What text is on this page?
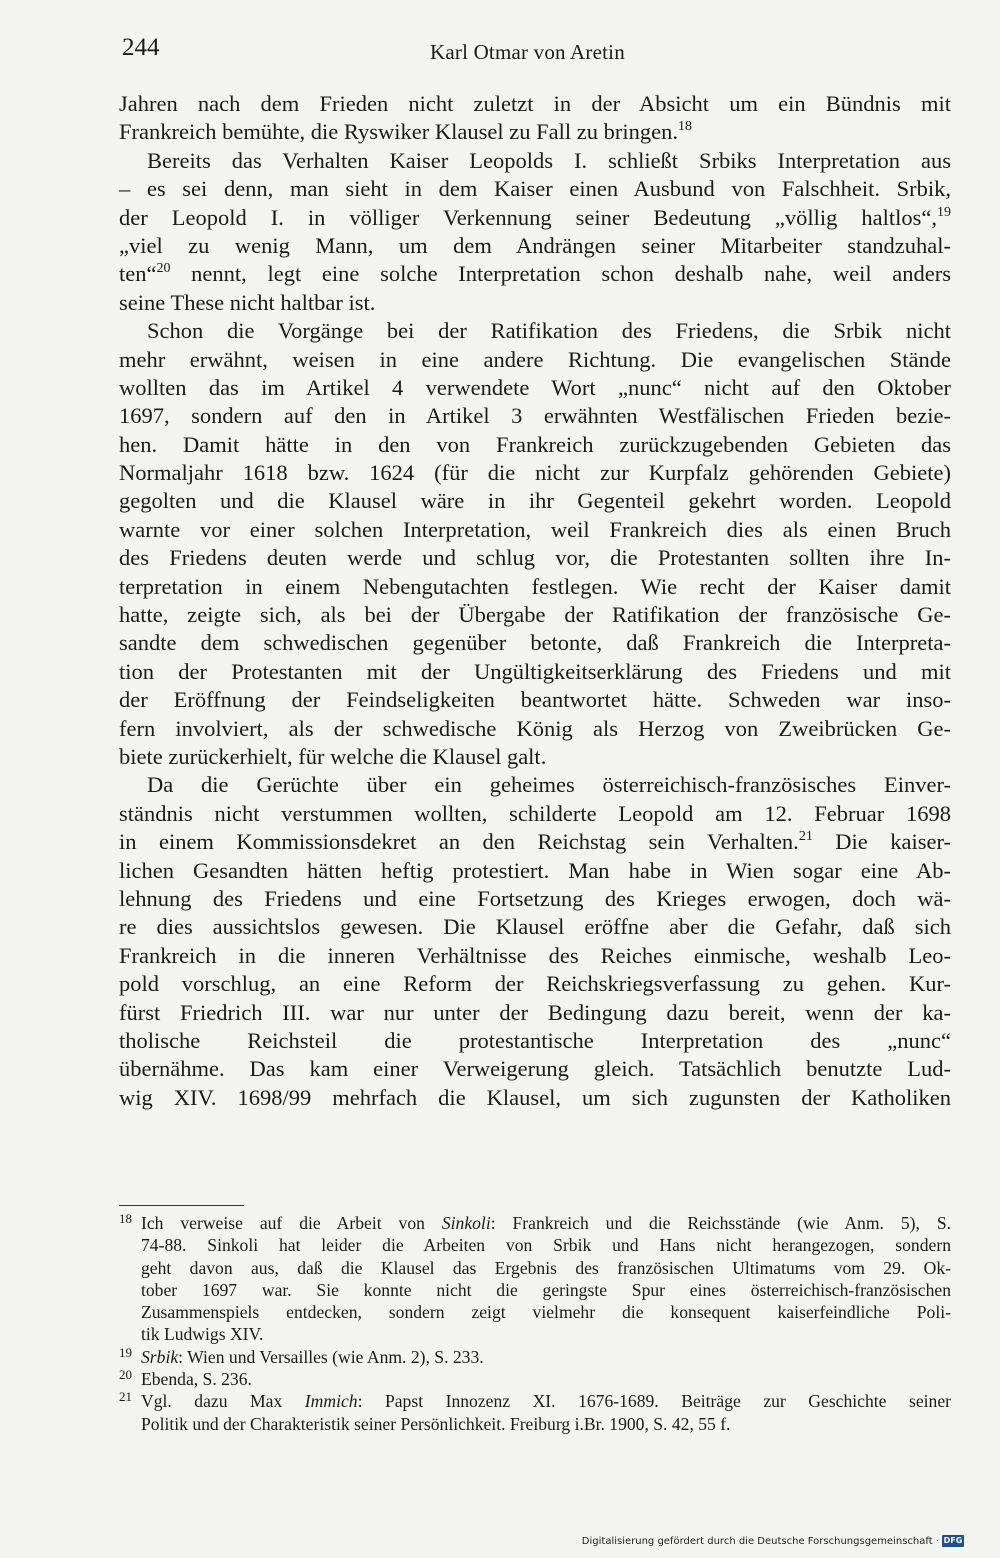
244	Karl Otmar von Aretin
Jahren nach dem Frieden nicht zuletzt in der Absicht um ein Bündnis mit
Frankreich bemühte, die Ryswiker Klausel zu Fall zu bringen.$^{18}$
Bereits das Verhalten Kaiser Leopolds I. schließt Srbiks Interpretation aus
– es sei denn, man sieht in dem Kaiser einen Ausbund von Falschheit. Srbik,
der Leopold I. in völliger Verkennung seiner Bedeutung „völlig haltlos“,$^{19}$
„viel zu wenig Mann, um dem Andrängen seiner Mitarbeiter standzuhal-
ten“$^{20}$ nennt, legt eine solche Interpretation schon deshalb nahe, weil anders
seine These nicht haltbar ist.
Schon die Vorgänge bei der Ratifikation des Friedens, die Srbik nicht
mehr erwähnt, weisen in eine andere Richtung. Die evangelischen Stände
wollten das im Artikel 4 verwendete Wort „nunc“ nicht auf den Oktober
1697, sondern auf den in Artikel 3 erwähnten Westfälischen Frieden bezie-
hen. Damit hätte in den von Frankreich zurückzugebenden Gebieten das
Normaljahr 1618 bzw. 1624 (für die nicht zur Kurpfalz gehörenden Gebiete)
gegolten und die Klausel wäre in ihr Gegenteil gekehrt worden. Leopold
warnte vor einer solchen Interpretation, weil Frankreich dies als einen Bruch
des Friedens deuten werde und schlug vor, die Protestanten sollten ihre In-
terpretation in einem Nebengutachten festlegen. Wie recht der Kaiser damit
hatte, zeigte sich, als bei der Übergabe der Ratifikation der französische Ge-
sandte dem schwedischen gegenüber betonte, daß Frankreich die Interpreta-
tion der Protestanten mit der Ungültigkeitserklärung des Friedens und mit
der Eröffnung der Feindseligkeiten beantwortet hätte. Schweden war inso-
fern involviert, als der schwedische König als Herzog von Zweibrücken Ge-
biete zurückerhielt, für welche die Klausel galt.
Da die Gerüchte über ein geheimes österreichisch-französisches Einver-
ständnis nicht verstummen wollten, schilderte Leopold am 12. Februar 1698
in einem Kommissionsdekret an den Reichstag sein Verhalten.$^{21}$ Die kaiser-
lichen Gesandten hätten heftig protestiert. Man habe in Wien sogar eine Ab-
lehnung des Friedens und eine Fortsetzung des Krieges erwogen, doch wä-
re dies aussichtslos gewesen. Die Klausel eröffne aber die Gefahr, daß sich
Frankreich in die inneren Verhältnisse des Reiches einmische, weshalb Leo-
pold vorschlug, an eine Reform der Reichskriegsverfassung zu gehen. Kur-
fürst Friedrich III. war nur unter der Bedingung dazu bereit, wenn der ka-
tholische Reichsteil die protestantische Interpretation des „nunc“
übernähme. Das kam einer Verweigerung gleich. Tatsächlich benutzte Lud-
wig XIV. 1698/99 mehrfach die Klausel, um sich zugunsten der Katholiken
18 Ich verweise auf die Arbeit von Sinkoli: Frankreich und die Reichsstände (wie Anm. 5), S.
74-88. Sinkoli hat leider die Arbeiten von Srbik und Hans nicht herangezogen, sondern
geht davon aus, daß die Klausel das Ergebnis des französischen Ultimatums vom 29. Ok-
tober 1697 war. Sie konnte nicht die geringste Spur eines österreichisch-französischen
Zusammenspiels entdecken, sondern zeigt vielmehr die konsequent kaiserfeindliche Poli-
tik Ludwigs XIV.
19 Srbik: Wien und Versailles (wie Anm. 2), S. 233.
20 Ebenda, S. 236.
21 Vgl. dazu Max Immich: Papst Innozenz XI. 1676-1689. Beiträge zur Geschichte seiner
Politik und der Charakteristik seiner Persönlichkeit. Freiburg i.Br. 1900, S. 42, 55 f.
Digitalisierung gefördert durch die Deutsche Forschungsgemeinschaft · DFG
